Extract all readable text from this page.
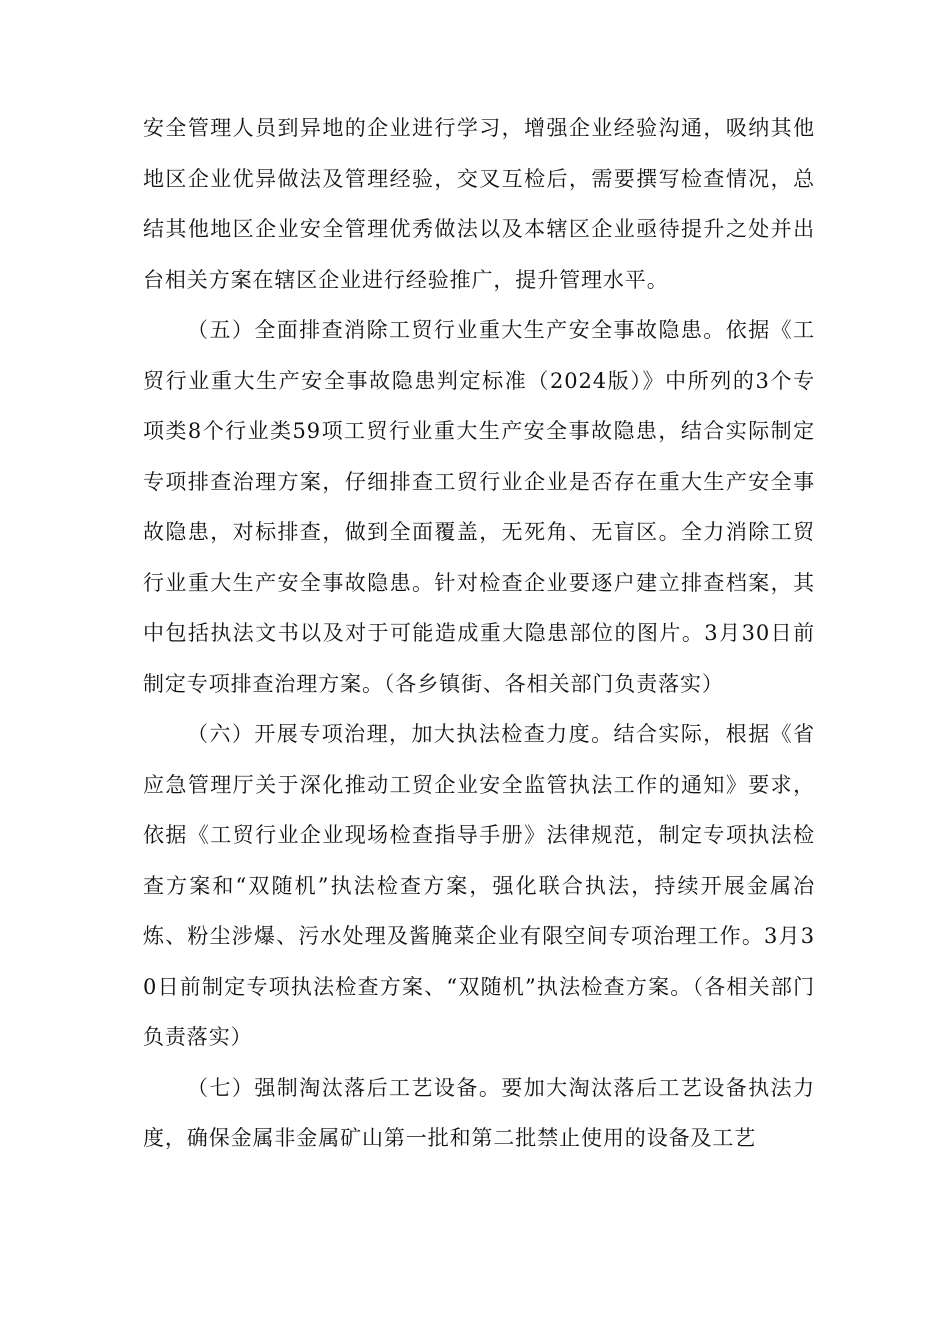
安全管理人员到异地的企业进行学习，增强企业经验沟通，吸纳其他地区企业优异做法及管理经验，交叉互检后，需要撰写检查情况，总结其他地区企业安全管理优秀做法以及本辖区企业亟待提升之处并出台相关方案在辖区企业进行经验推广，提升管理水平。

（五）全面排查消除工贸行业重大生产安全事故隐患。依据《工贸行业重大生产安全事故隐患判定标准（2024版）》中所列的3个专项类8个行业类59项工贸行业重大生产安全事故隐患，结合实际制定专项排查治理方案，仔细排查工贸行业企业是否存在重大生产安全事故隐患，对标排查，做到全面覆盖，无死角、无盲区。全力消除工贸行业重大生产安全事故隐患。针对检查企业要逐户建立排查档案，其中包括执法文书以及对于可能造成重大隐患部位的图片。3月30日前制定专项排查治理方案。（各乡镇街、各相关部门负责落实）

（六）开展专项治理，加大执法检查力度。结合实际，根据《省应急管理厅关于深化推动工贸企业安全监管执法工作的通知》要求，依据《工贸行业企业现场检查指导手册》法律规范，制定专项执法检查方案和“双随机”执法检查方案，强化联合执法，持续开展金属冶炼、粉尘涉爆、污水处理及酱腌菜企业有限空间专项治理工作。3月30日前制定专项执法检查方案、“双随机”执法检查方案。（各相关部门负责落实）

（七）强制淘汰落后工艺设备。要加大淘汰落后工艺设备执法力度，确保金属非金属矿山第一批和第二批禁止使用的设备及工艺
